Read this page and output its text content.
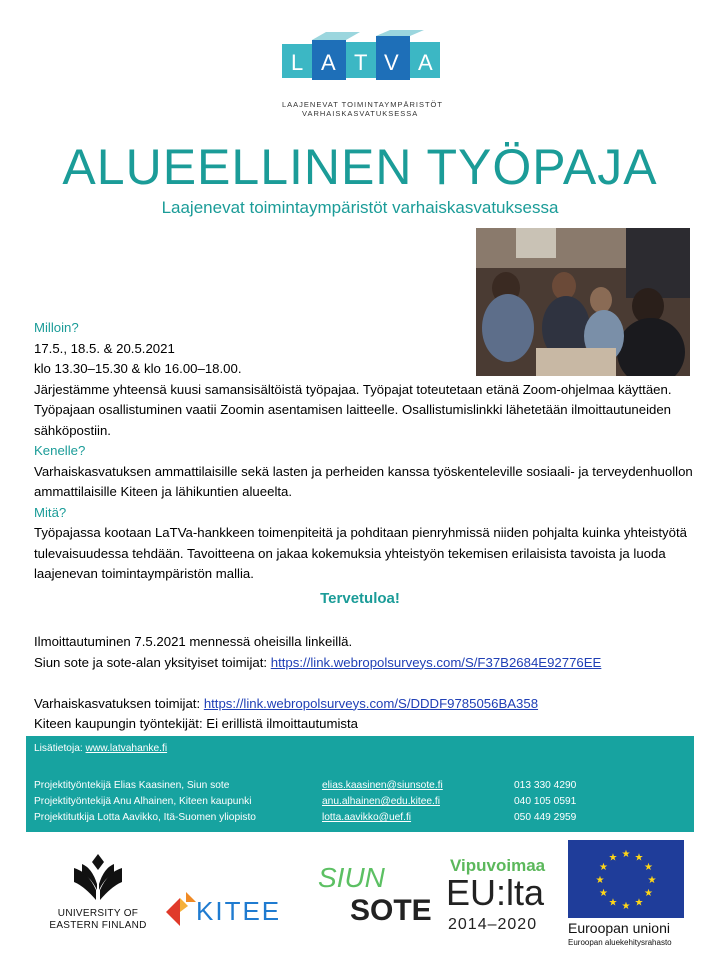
L A T V A
LAAJENEVAT TOIMINTAYMPÄRISTÖT
VARHAISKASVATUKSESSA
ALUEELLINEN TYÖPAJA
Laajenevat toimintaympäristöt varhaiskasvatuksessa

Milloin?

17.5., 18.5. & 20.5.2021

klo 13.30–15.30 & klo 16.00–18.00.

Järjestämme yhteensä kuusi samansisältöistä työpajaa. Työpajat toteutetaan etänä Zoom-ohjelmaa käyttäen. Työpajaan osallistuminen vaatii Zoomin asentamisen laitteelle. Osallistumislinkki lähetetään ilmoittautuneiden sähköpostiin.

Kenelle?

Varhaiskasvatuksen ammattilaisille sekä lasten ja perheiden kanssa työskenteleville sosiaali- ja terveydenhuollon ammattilaisille Kiteen ja lähikuntien alueelta.

Mitä?

Työpajassa kootaan LaTVa-hankkeen toimenpiteitä ja pohditaan pienryhmissä niiden pohjalta kuinka yhteistyötä tulevaisuudessa tehdään. Tavoitteena on jakaa kokemuksia yhteistyön tekemisen erilaisista tavoista ja luoda laajenevan toimintaympäristön mallia.

Tervetuloa!

Ilmoittautuminen 7.5.2021 mennessä oheisilla linkeillä.

Siun sote ja sote-alan yksityiset toimijat: https://link.webropolsurveys.com/S/F37B2684E92776EE

Varhaiskasvatuksen toimijat: https://link.webropolsurveys.com/S/DDDF9785056BA358

Kiteen kaupungin työntekijät: Ei erillistä ilmoittautumista

Lisätietoja: www.latvahanke.fi
Projektityöntekijä Elias Kaasinen, Siun sote	elias.kaasinen@siunsote.fi	013 330 4290
Projektityöntekijä Anu Alhainen, Kiteen kaupunki	anu.alhainen@edu.kitee.fi	040 105 0591
Projektitutkija Lotta Aavikko, Itä-Suomen yliopisto	lotta.aavikko@uef.fi	050 449 2959
UNIVERSITY OF
EASTERN FINLAND KITEE
SIUN
SOTE
Vipuvoimaa
EU:lta
2014–2020
★ ★
★
★
★
★
★
★
★
★
★
★
Euroopan unioni
Euroopan aluekehitysrahasto
